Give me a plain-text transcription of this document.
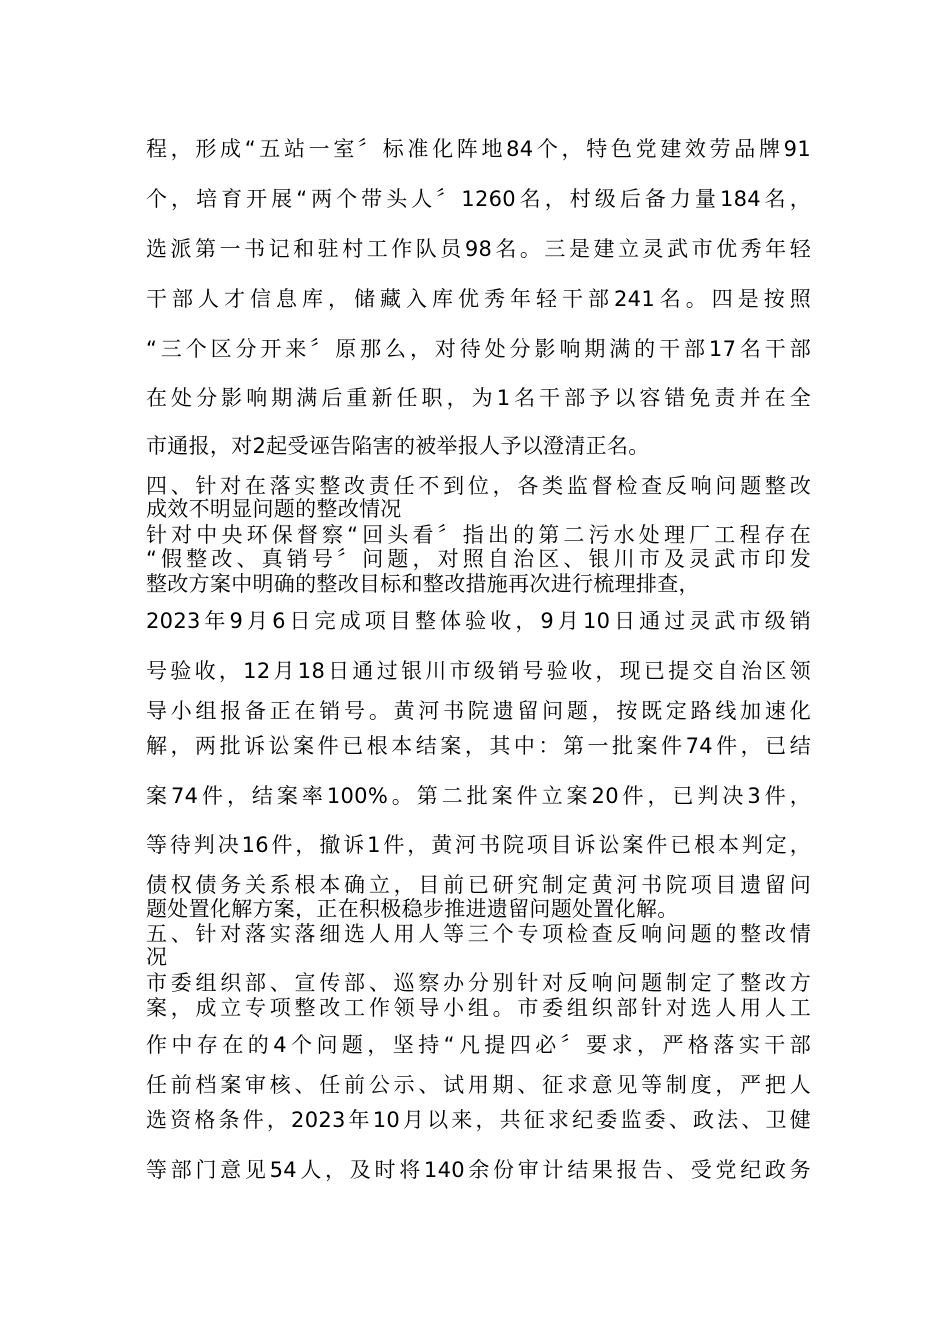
程，形成“五站一室〞标准化阵地84个，特色党建效劳品牌91
个，培育开展“两个带头人〞1260名，村级后备力量184名，
选派第一书记和驻村工作队员98名。三是建立灵武市优秀年轻
干部人才信息库，储藏入库优秀年轻干部241名。四是按照
“三个区分开来〞原那么，对待处分影响期满的干部17名干部
在处分影响期满后重新任职，为1名干部予以容错免责并在全
市通报，对2起受诬告陷害的被举报人予以澄清正名。
四、针对在落实整改责任不到位，各类监督检查反响问题整改
成效不明显问题的整改情况
针对中央环保督察“回头看〞指出的第二污水处理厂工程存在
“假整改、真销号〞问题，对照自治区、银川市及灵武市印发
整改方案中明确的整改目标和整改措施再次进行梳理排查，
2023年9月6日完成项目整体验收，9月10日通过灵武市级销
号验收，12月18日通过银川市级销号验收，现已提交自治区领
导小组报备正在销号。黄河书院遗留问题，按既定路线加速化
解，两批诉讼案件已根本结案，其中：第一批案件74件，已结
案74件，结案率100%。第二批案件立案20件，已判决3件，
等待判决16件，撤诉1件，黄河书院项目诉讼案件已根本判定，
债权债务关系根本确立，目前已研究制定黄河书院项目遗留问
题处置化解方案，正在积极稳步推进遗留问题处置化解。
五、针对落实落细选人用人等三个专项检查反响问题的整改情
况
市委组织部、宣传部、巡察办分别针对反响问题制定了整改方
案，成立专项整改工作领导小组。市委组织部针对选人用人工
作中存在的4个问题，坚持“凡提四必〞要求，严格落实干部
任前档案审核、任前公示、试用期、征求意见等制度，严把人
选资格条件，2023年10月以来，共征求纪委监委、政法、卫健
等部门意见54人，及时将140余份审计结果报告、受党纪政务
